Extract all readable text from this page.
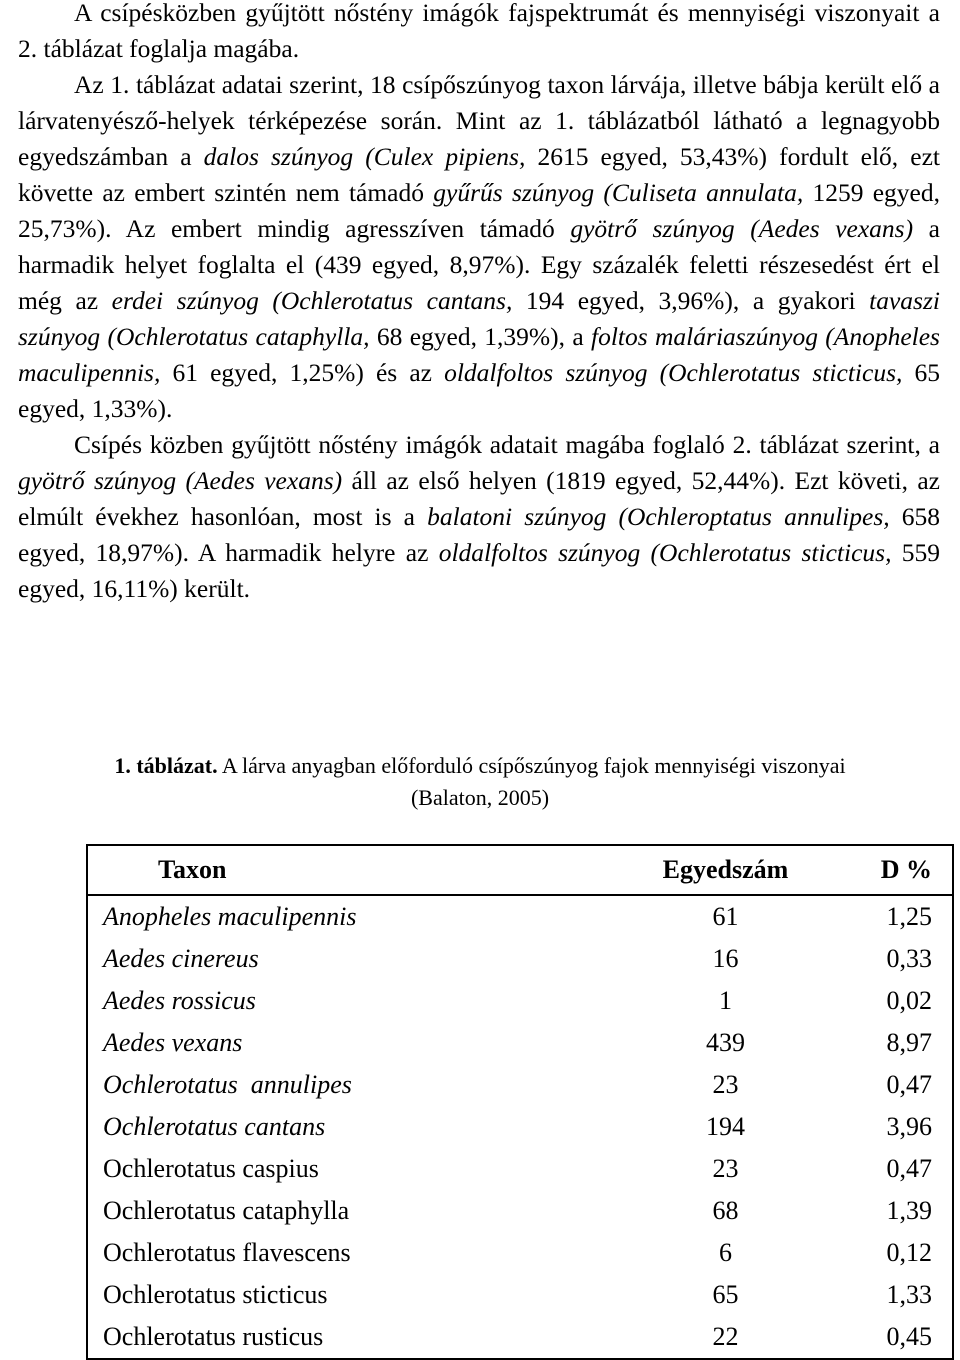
A csípésközben gyűjtött nőstény imágók fajspektrumát és mennyiségi viszonyait a 2. táblázat foglalja magába.

Az 1. táblázat adatai szerint, 18 csípőszúnyog taxon lárvája, illetve bábja került elő a lárvatenyésző-helyek térképezése során. Mint az 1. táblázatból látható a legnagyobb egyedszámban a dalos szúnyog (Culex pipiens, 2615 egyed, 53,43%) fordult elő, ezt követte az embert szintén nem támadó gyűrűs szúnyog (Culiseta annulata, 1259 egyed, 25,73%). Az embert mindig agresszíven támadó gyötrő szúnyog (Aedes vexans) a harmadik helyet foglalta el (439 egyed, 8,97%). Egy százalék feletti részesedést ért el még az erdei szúnyog (Ochlerotatus cantans, 194 egyed, 3,96%), a gyakori tavaszi szúnyog (Ochlerotatus cataphylla, 68 egyed, 1,39%), a foltos maláriaszúnyog (Anopheles maculipennis, 61 egyed, 1,25%) és az oldalfoltos szúnyog (Ochlerotatus sticticus, 65 egyed, 1,33%).

Csípés közben gyűjtött nőstény imágók adatait magába foglaló 2. táblázat szerint, a gyötrő szúnyog (Aedes vexans) áll az első helyen (1819 egyed, 52,44%). Ezt követi, az elmúlt évekhez hasonlóan, most is a balatoni szúnyog (Ochleroptatus annulipes, 658 egyed, 18,97%). A harmadik helyre az oldalfoltos szúnyog (Ochlerotatus sticticus, 559 egyed, 16,11%) került.

1. táblázat. A lárva anyagban előforduló csípőszúnyog fajok mennyiségi viszonyai
(Balaton, 2005)
Taxon	Egyedszám	D %
Anopheles maculipennis	61	1,25
Aedes cinereus	16	0,33
Aedes rossicus	1	0,02
Aedes vexans	439	8,97
Ochlerotatus  annulipes	23	0,47
Ochlerotatus cantans	194	3,96
Ochlerotatus caspius	23	0,47
Ochlerotatus cataphylla	68	1,39
Ochlerotatus flavescens	6	0,12
Ochlerotatus sticticus	65	1,33
Ochlerotatus rusticus	22	0,45
